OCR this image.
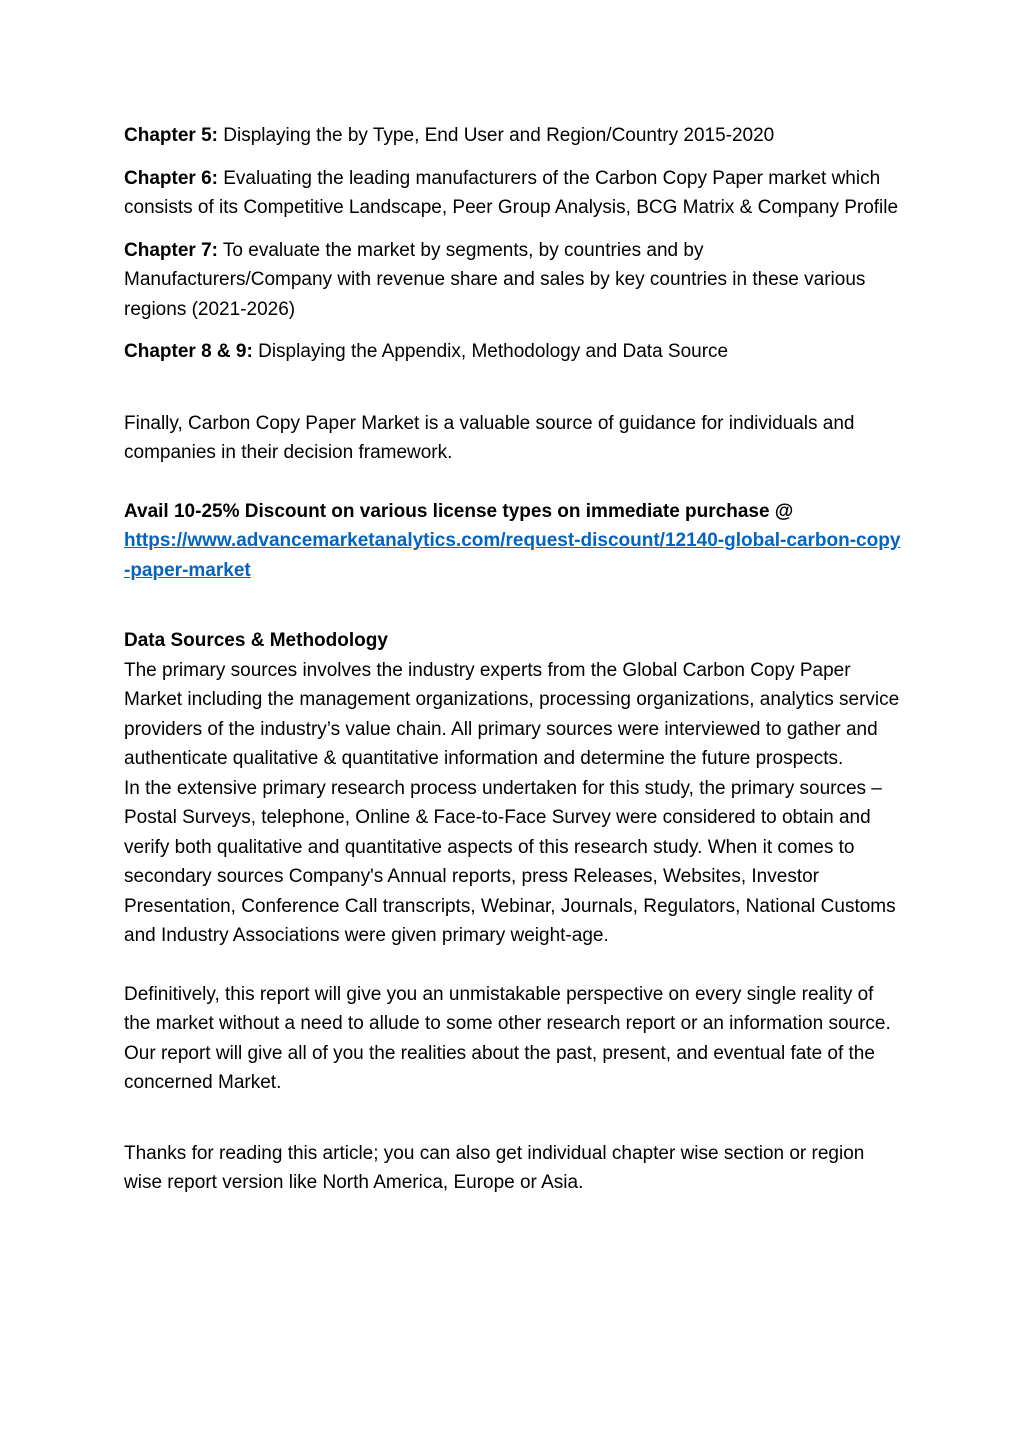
Chapter 5: Displaying the by Type, End User and Region/Country 2015-2020

Chapter 6: Evaluating the leading manufacturers of the Carbon Copy Paper market which consists of its Competitive Landscape, Peer Group Analysis, BCG Matrix & Company Profile

Chapter 7: To evaluate the market by segments, by countries and by Manufacturers/Company with revenue share and sales by key countries in these various regions (2021-2026)

Chapter 8 & 9: Displaying the Appendix, Methodology and Data Source

Finally, Carbon Copy Paper Market is a valuable source of guidance for individuals and companies in their decision framework.

Avail 10-25% Discount on various license types on immediate purchase @
https://www.advancemarketanalytics.com/request-discount/12140-global-carbon-copy-paper-market

Data Sources & Methodology

The primary sources involves the industry experts from the Global Carbon Copy Paper Market including the management organizations, processing organizations, analytics service providers of the industry’s value chain. All primary sources were interviewed to gather and authenticate qualitative & quantitative information and determine the future prospects.

In the extensive primary research process undertaken for this study, the primary sources – Postal Surveys, telephone, Online & Face-to-Face Survey were considered to obtain and verify both qualitative and quantitative aspects of this research study. When it comes to secondary sources Company's Annual reports, press Releases, Websites, Investor Presentation, Conference Call transcripts, Webinar, Journals, Regulators, National Customs and Industry Associations were given primary weight-age.

Definitively, this report will give you an unmistakable perspective on every single reality of the market without a need to allude to some other research report or an information source. Our report will give all of you the realities about the past, present, and eventual fate of the concerned Market.

Thanks for reading this article; you can also get individual chapter wise section or region wise report version like North America, Europe or Asia.
